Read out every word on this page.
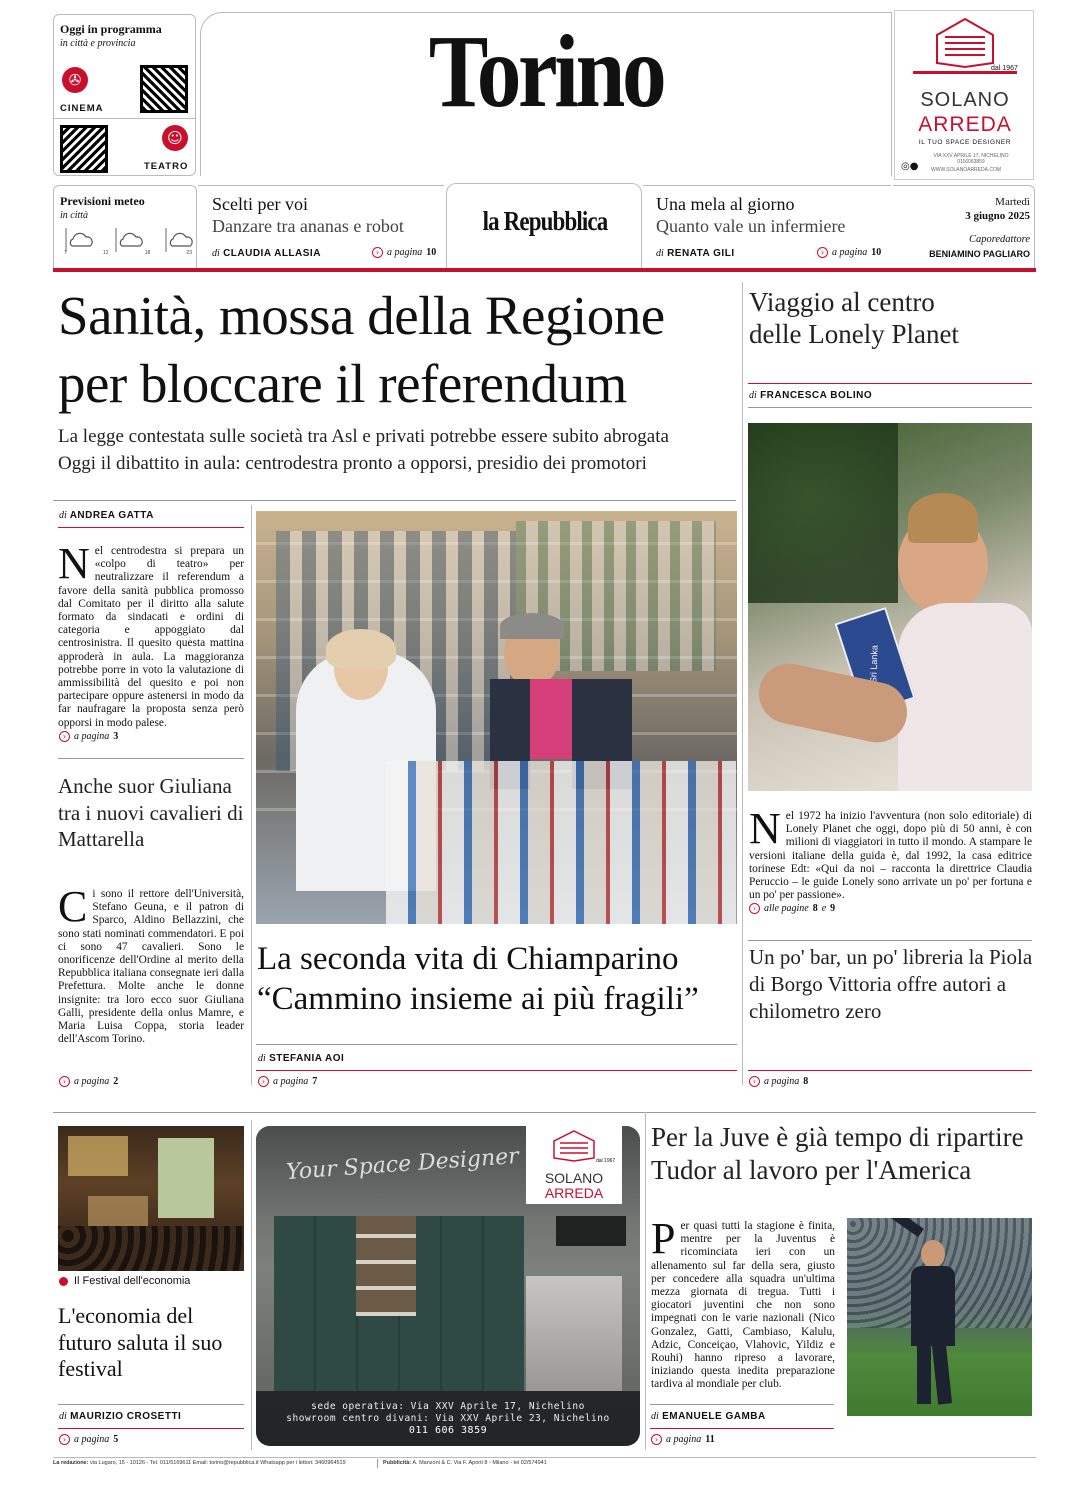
Oggi in programma
in città e provincia
✇
CINEMA
☺
TEATRO
Torino	dal 1967
SOLANO
ARREDA
IL TUO SPACE DESIGNER
VIA XXV APRILE 17, NICHELINO
0116063859
◎●	WWW.SOLANOARREDA.COM
Previsioni meteo
in città
7	12	18	23
Scelti per voi
Danzare tra ananas e robot
di CLAUDIA ALLASIA	› a pagina 10
la Repubblica
Una mela al giorno
Quanto vale un infermiere
di RENATA GILI	› a pagina 10
Martedì
3 giugno 2025
Caporedattore
BENIAMINO PAGLIARO
Sanità, mossa della Regione
per bloccare il referendum
La legge contestata sulle società tra Asl e privati potrebbe essere subito abrogata
Oggi il dibattito in aula: centrodestra pronto a opporsi, presidio dei promotori
di ANDREA GATTA
Nel centrodestra si prepara un «colpo di teatro» per neutralizzare il referendum a favore della sanità pubblica promosso dal Comitato per il diritto alla salute formato da sindacati e ordini di categoria e appoggiato dal centrosinistra. Il quesito questa mattina approderà in aula. La maggioranza potrebbe porre in voto la valutazione di ammissibilità del quesito e poi non partecipare oppure astenersi in modo da far naufragare la proposta senza però opporsi in modo palese.
› a pagina 3
Anche suor Giuliana tra i nuovi cavalieri di Mattarella
Ci sono il rettore dell'Università, Stefano Geuna, e il patron di Sparco, Aldino Bellazzini, che sono stati nominati commendatori. E poi ci sono 47 cavalieri. Sono le onorificenze dell'Ordine al merito della Repubblica italiana consegnate ieri dalla Prefettura. Molte anche le donne insignite: tra loro ecco suor Giuliana Galli, presidente della onlus Mamre, e Maria Luisa Coppa, storia leader dell'Ascom Torino.
› a pagina 2
La seconda vita di Chiamparino
“Cammino insieme ai più fragili”
di STEFANIA AOI
› a pagina 7
Viaggio al centro
delle Lonely Planet
di FRANCESCA BOLINO
Sri Lanka
Nel 1972 ha inizio l'avventura (non solo editoriale) di Lonely Planet che oggi, dopo più di 50 anni, è con milioni di viaggiatori in tutto il mondo. A stampare le versioni italiane della guida è, dal 1992, la casa editrice torinese Edt: «Qui da noi – racconta la direttrice Claudia Peruccio – le guide Lonely sono arrivate un po' per fortuna e un po' per passione».
› alle pagine 8 e 9
Un po' bar, un po' libreria la Piola di Borgo Vittoria offre autori a chilometro zero
› a pagina 8
Il Festival dell'economia
L'economia del futuro saluta il suo festival
di MAURIZIO CROSETTI
› a pagina 5
Your Space Designer	dal 1967
SOLANO
ARREDA
sede operativa: Via XXV Aprile 17, Nichelino
showroom centro divani: Via XXV Aprile 23, Nichelino
011 606 3859
Per la Juve è già tempo di ripartire
Tudor al lavoro per l'America
Per quasi tutti la stagione è finita, mentre per la Juventus è ricominciata ieri con un allenamento sul far della sera, giusto per concedere alla squadra un'ultima mezza giornata di tregua. Tutti i giocatori juventini che non sono impegnati con le varie nazionali (Nico Gonzalez, Gatti, Cambiaso, Kalulu, Adzic, Conceiçao, Vlahovic, Yildiz e Rouhi) hanno ripreso a lavorare, iniziando questa inedita preparazione tardiva al mondiale per club.
di EMANUELE GAMBA
› a pagina 11
La redazione: via Lugaro, 15 - 10126 - Tel. 011/5169611 Email: torino@repubblica.it Whatsapp per i lettori: 3460964519	Pubblicità: A. Manzoni & C. Via F. Aporti 8 - Milano - tel 02/574941
